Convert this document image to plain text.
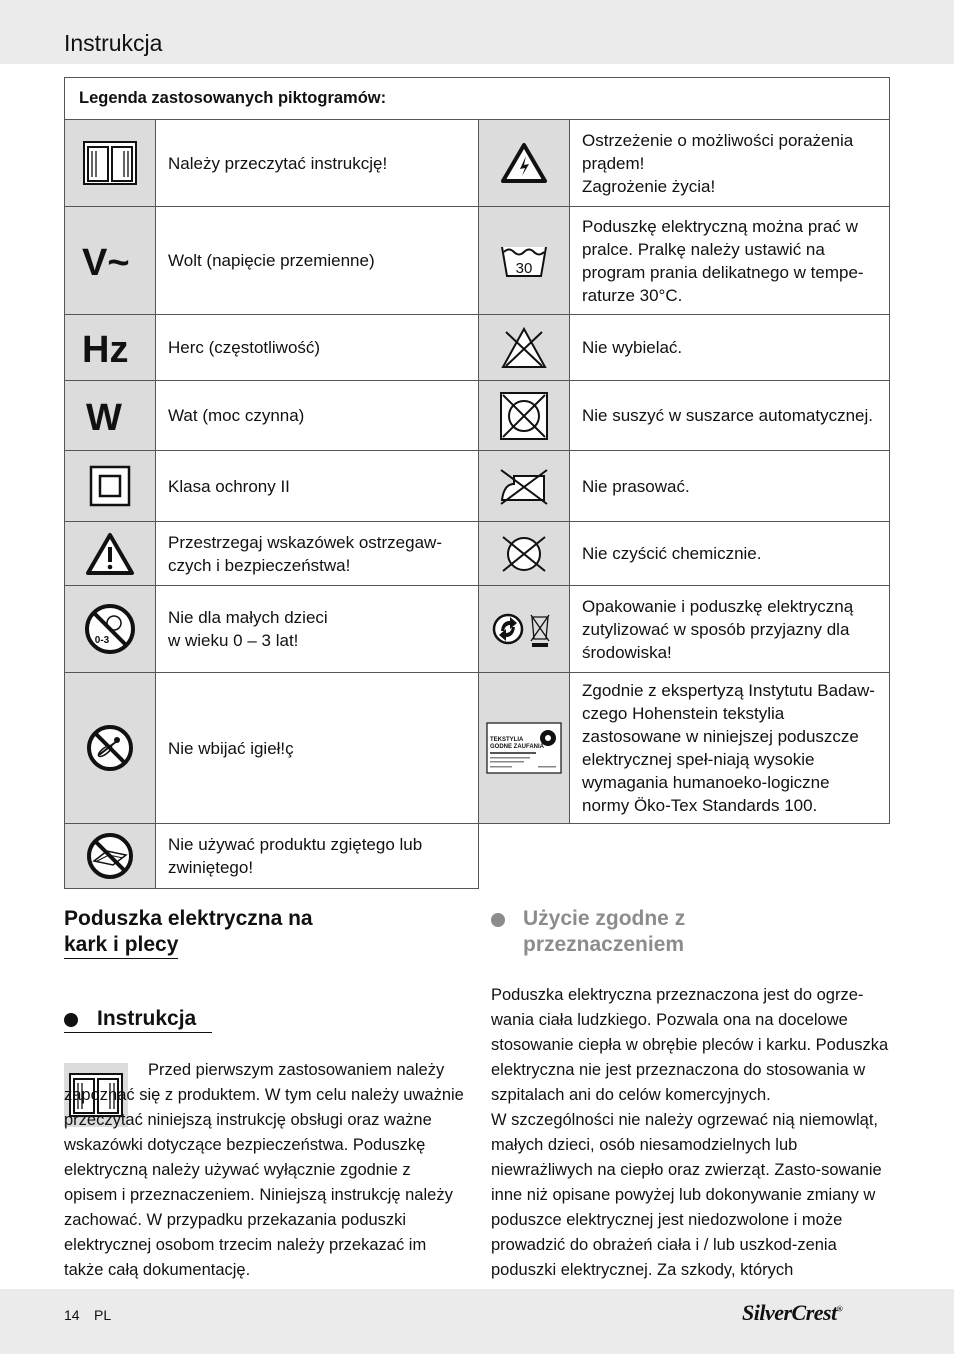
Instrukcja
Legenda zastosowanych piktogramów:			

	Należy przeczytać instrukcję!		Ostrzeżenie o możliwości porażenia prądem!
Zagrożenie życia!

V~	Wolt (napięcie przemienne)	30	Poduszkę elektryczną można prać w pralce. Pralkę należy ustawić na program prania delikatnego w tempe-raturze 30°C.

Hz	Herc (częstotliwość)		Nie wybielać.

W	Wat (moc czynna)		Nie suszyć w suszarce automatycznej.

	Klasa ochrony II		Nie prasować.

	Przestrzegaj wskazówek ostrzegaw-czych i bezpieczeństwa!		Nie czyścić chemicznie.

0-3	Nie dla małych dzieci
w wieku 0 – 3 lat!		Opakowanie i poduszkę elektryczną zutylizować w sposób przyjazny dla środowiska!

	Nie wbijać igieł!ç	TEKSTYLIA
GODNE ZAUFANIA	Zgodnie z ekspertyzą Instytutu Badaw-czego Hohenstein tekstylia zastosowane w niniejszej poduszcze elektrycznej speł-niają wysokie wymagania humanoeko-logiczne normy Öko-Tex Standards 100.

	Nie używać produktu zgiętego lub zwiniętego!		
Poduszka elektryczna na
kark i plecy
Instrukcja
Przed pierwszym zastosowaniem należy zapoznać się z produktem. W tym celu należy uważnie przeczytać niniejszą instrukcję obsługi oraz ważne wskazówki dotyczące bezpieczeństwa. Poduszkę elektryczną należy używać wyłącznie zgodnie z opisem i przeznaczeniem. Niniejszą instrukcję należy zachować. W przypadku przekazania poduszki elektrycznej osobom trzecim należy przekazać im także całą dokumentację.
Użycie zgodne z
przeznaczeniem

Poduszka elektryczna przeznaczona jest do ogrze-wania ciała ludzkiego. Pozwala ona na docelowe stosowanie ciepła w obrębie pleców i karku. Poduszka elektryczna nie jest przeznaczona do stosowania w szpitalach ani do celów komercyjnych.

W szczególności nie należy ogrzewać nią niemowląt, małych dzieci, osób niesamodzielnych lub niewrażliwych na ciepło oraz zwierząt. Zasto-sowanie inne niż opisane powyżej lub dokonywanie zmiany w poduszce elektrycznej jest niedozwolone i może prowadzić do obrażeń ciała i / lub uszkod-zenia poduszki elektrycznej. Za szkody, których

14 PL	SilverCrest®
